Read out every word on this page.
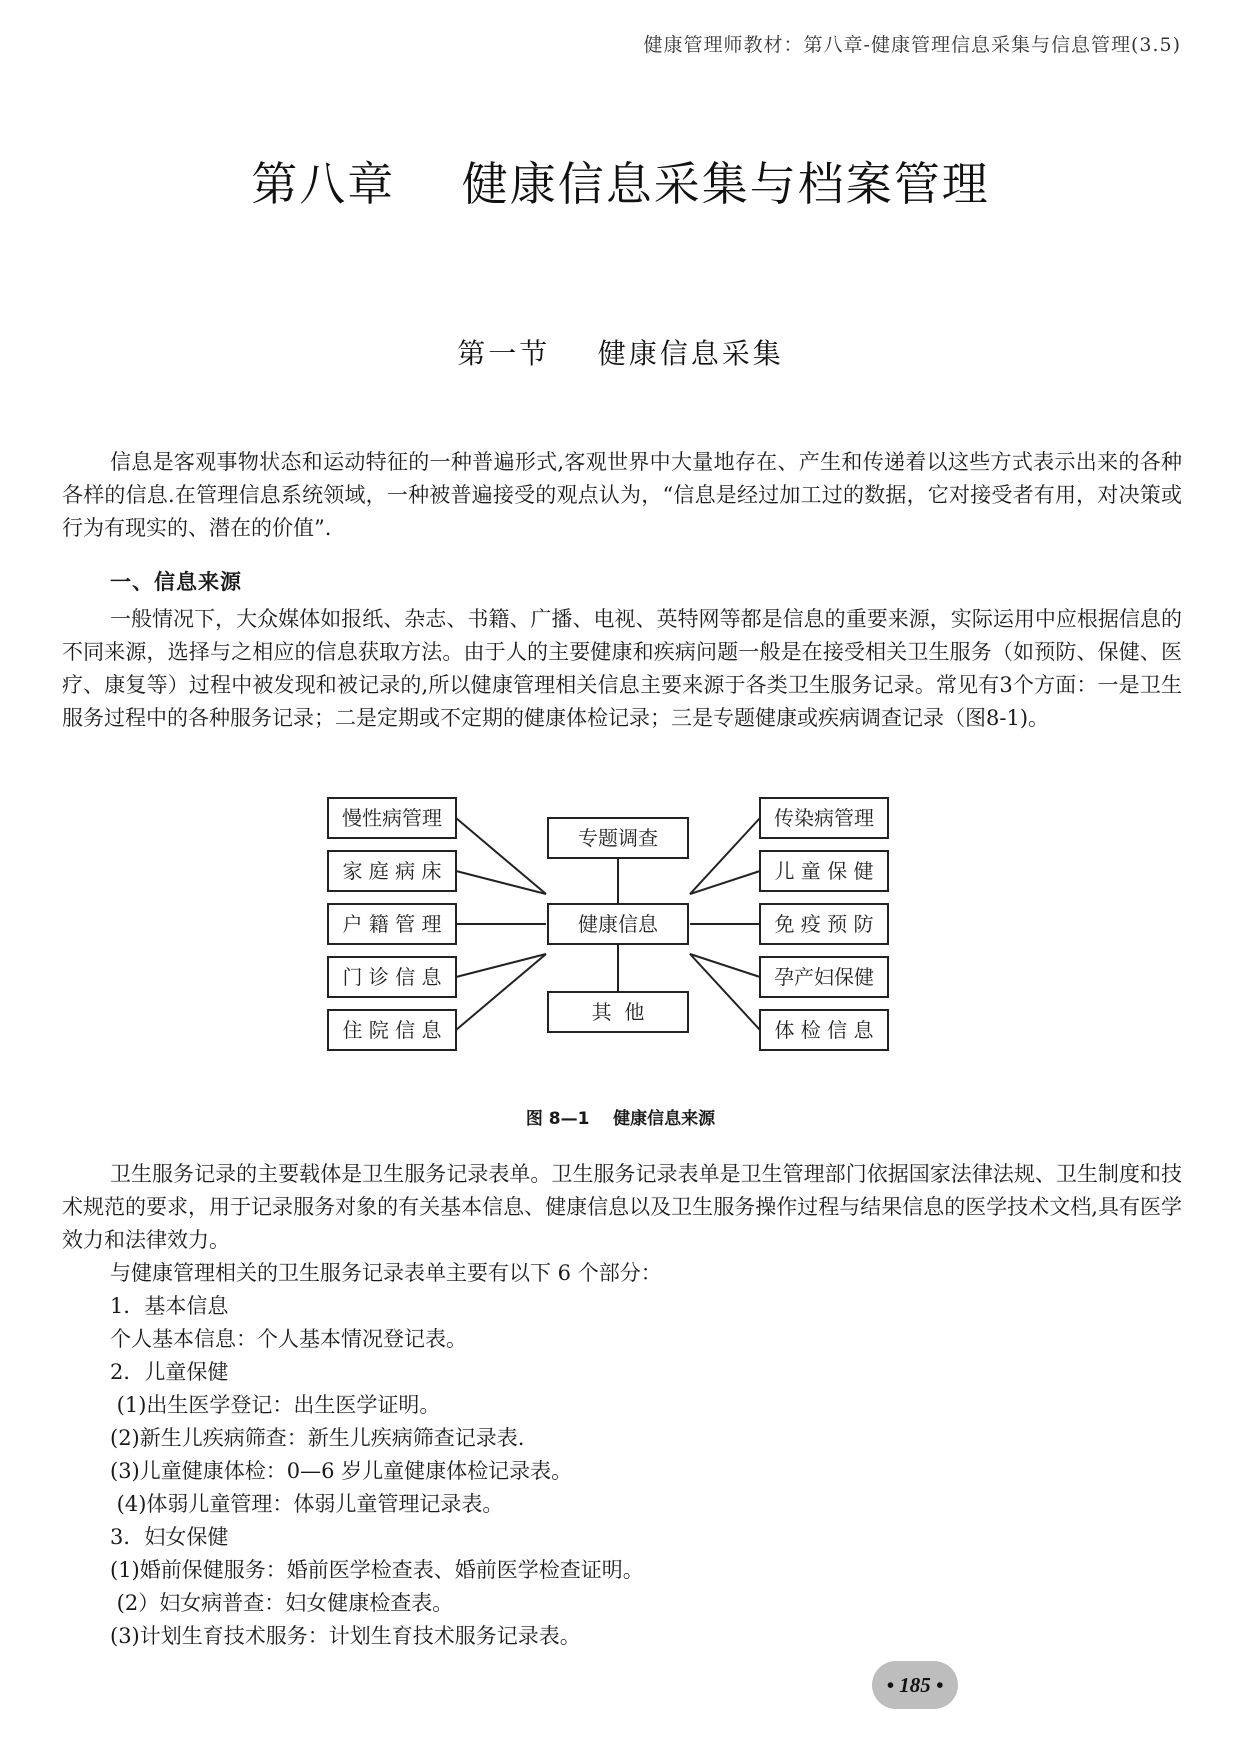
健康管理师教材：第八章-健康管理信息采集与信息管理(3.5)
第八章    健康信息采集与档案管理
第一节    健康信息采集

信息是客观事物状态和运动特征的一种普遍形式,客观世界中大量地存在、产生和传递着以这些方式表示出来的各种各样的信息.在管理信息系统领域，一种被普遍接受的观点认为，“信息是经过加工过的数据，它对接受者有用，对决策或行为有现实的、潜在的价值”.

一、信息来源

一般情况下，大众媒体如报纸、杂志、书籍、广播、电视、英特网等都是信息的重要来源，实际运用中应根据信息的不同来源，选择与之相应的信息获取方法。由于人的主要健康和疾病问题一般是在接受相关卫生服务（如预防、保健、医疗、康复等）过程中被发现和被记录的,所以健康管理相关信息主要来源于各类卫生服务记录。常见有3个方面：一是卫生服务过程中的各种服务记录；二是定期或不定期的健康体检记录；三是专题健康或疾病调查记录（图8-1)。

慢性病管理
家 庭 病 床
户 籍 管 理
门 诊 信 息
住 院 信 息
传染病管理
儿 童 保 健
免 疫 预 防
孕产妇保健
体 检 信 息
专题调查
健康信息
其  他
图 8—1    健康信息来源

卫生服务记录的主要载体是卫生服务记录表单。卫生服务记录表单是卫生管理部门依据国家法律法规、卫生制度和技术规范的要求，用于记录服务对象的有关基本信息、健康信息以及卫生服务操作过程与结果信息的医学技术文档,具有医学效力和法律效力。

与健康管理相关的卫生服务记录表单主要有以下 6 个部分：
1．基本信息
个人基本信息：个人基本情况登记表。
2．儿童保健
(1)出生医学登记：出生医学证明。
(2)新生儿疾病筛查：新生儿疾病筛查记录表.
(3)儿童健康体检：0—6 岁儿童健康体检记录表。
(4)体弱儿童管理：体弱儿童管理记录表。
3．妇女保健
(1)婚前保健服务：婚前医学检查表、婚前医学检查证明。
(2）妇女病普查：妇女健康检查表。
(3)计划生育技术服务：计划生育技术服务记录表。
• 185 •
